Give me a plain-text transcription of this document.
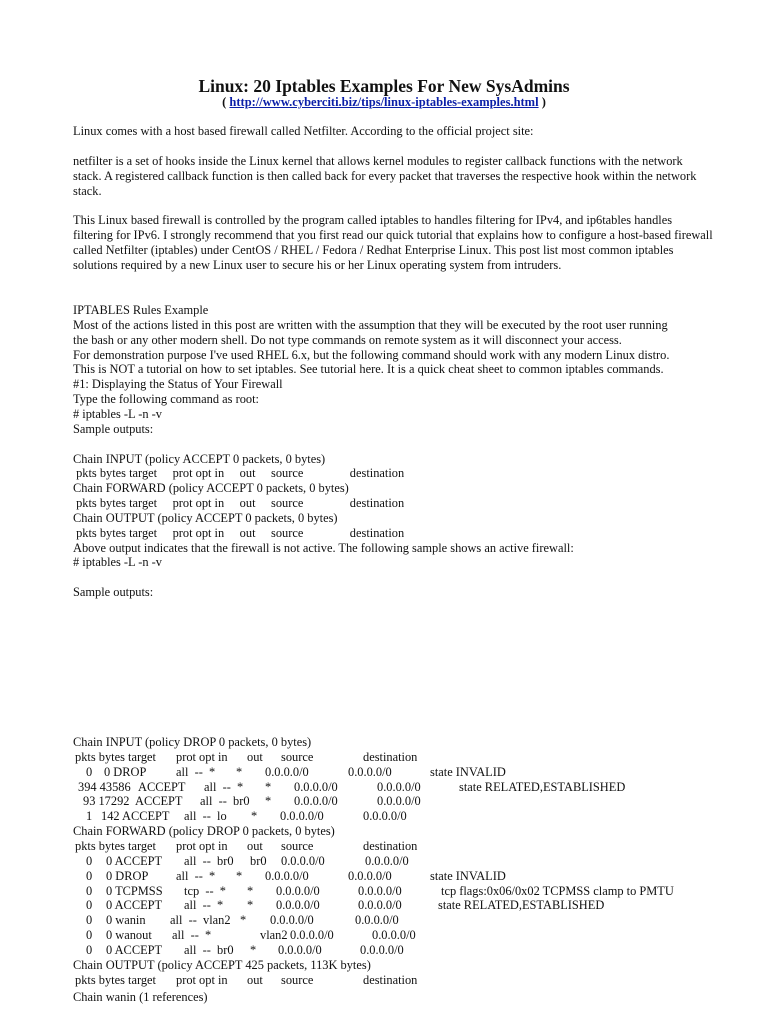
Linux: 20 Iptables Examples For New SysAdmins
( http://www.cyberciti.biz/tips/linux-iptables-examples.html )
Linux comes with a host based firewall called Netfilter. According to the official project site:
netfilter is a set of hooks inside the Linux kernel that allows kernel modules to register callback functions with the network stack. A registered callback function is then called back for every packet that traverses the respective hook within the network stack.
This Linux based firewall is controlled by the program called iptables to handles filtering for IPv4, and ip6tables handles filtering for IPv6. I strongly recommend that you first read our quick tutorial that explains how to configure a host-based firewall called Netfilter (iptables) under CentOS / RHEL / Fedora / Redhat Enterprise Linux. This post list most common iptables solutions required by a new Linux user to secure his or her Linux operating system from intruders.
IPTABLES Rules Example
Most of the actions listed in this post are written with the assumption that they will be executed by the root user running
the bash or any other modern shell. Do not type commands on remote system as it will disconnect your access.
For demonstration purpose I've used RHEL 6.x, but the following command should work with any modern Linux distro.
This is NOT a tutorial on how to set iptables. See tutorial here. It is a quick cheat sheet to common iptables commands.
#1: Displaying the Status of Your Firewall
Type the following command as root:
# iptables -L -n -v
Sample outputs:
Chain INPUT (policy ACCEPT 0 packets, 0 bytes)
pkts bytes target     prot opt in     out     source               destination
Chain FORWARD (policy ACCEPT 0 packets, 0 bytes)
pkts bytes target     prot opt in     out     source               destination
Chain OUTPUT (policy ACCEPT 0 packets, 0 bytes)
pkts bytes target     prot opt in     out     source               destination
Above output indicates that the firewall is not active. The following sample shows an active firewall:
# iptables -L -n -v
Sample outputs:
Chain INPUT (policy DROP 0 packets, 0 bytes)
pkts bytes target prot opt in out source	destination
0 0 DROP all  --  * * 0.0.0.0/0	0.0.0.0/0	state INVALID
394 43586 ACCEPT all  --  * * 0.0.0.0/0	0.0.0.0/0	state RELATED,ESTABLISHED
93 17292 ACCEPT all  --  br0 * 0.0.0.0/0	0.0.0.0/0
1 142 ACCEPT all  --  lo * 0.0.0.0/0	0.0.0.0/0
Chain FORWARD (policy DROP 0 packets, 0 bytes)
pkts bytes target prot opt in out source	destination
0 0 ACCEPT all  --  br0 br0 0.0.0.0/0	0.0.0.0/0
0 0 DROP all  --  * * 0.0.0.0/0	0.0.0.0/0	state INVALID
0 0 TCPMSS tcp  --  * * 0.0.0.0/0	0.0.0.0/0	tcp flags:0x06/0x02 TCPMSS clamp to PMTU
0 0 ACCEPT all  --  * * 0.0.0.0/0	0.0.0.0/0	state RELATED,ESTABLISHED
0 0 wanin all  --  vlan2 * 0.0.0.0/0	0.0.0.0/0
0 0 wanout all  --  *	vlan2 0.0.0.0/0	0.0.0.0/0
0 0 ACCEPT all  --  br0 * 0.0.0.0/0	0.0.0.0/0
Chain OUTPUT (policy ACCEPT 425 packets, 113K bytes)
pkts bytes target prot opt in out source	destination
Chain wanin (1 references)
